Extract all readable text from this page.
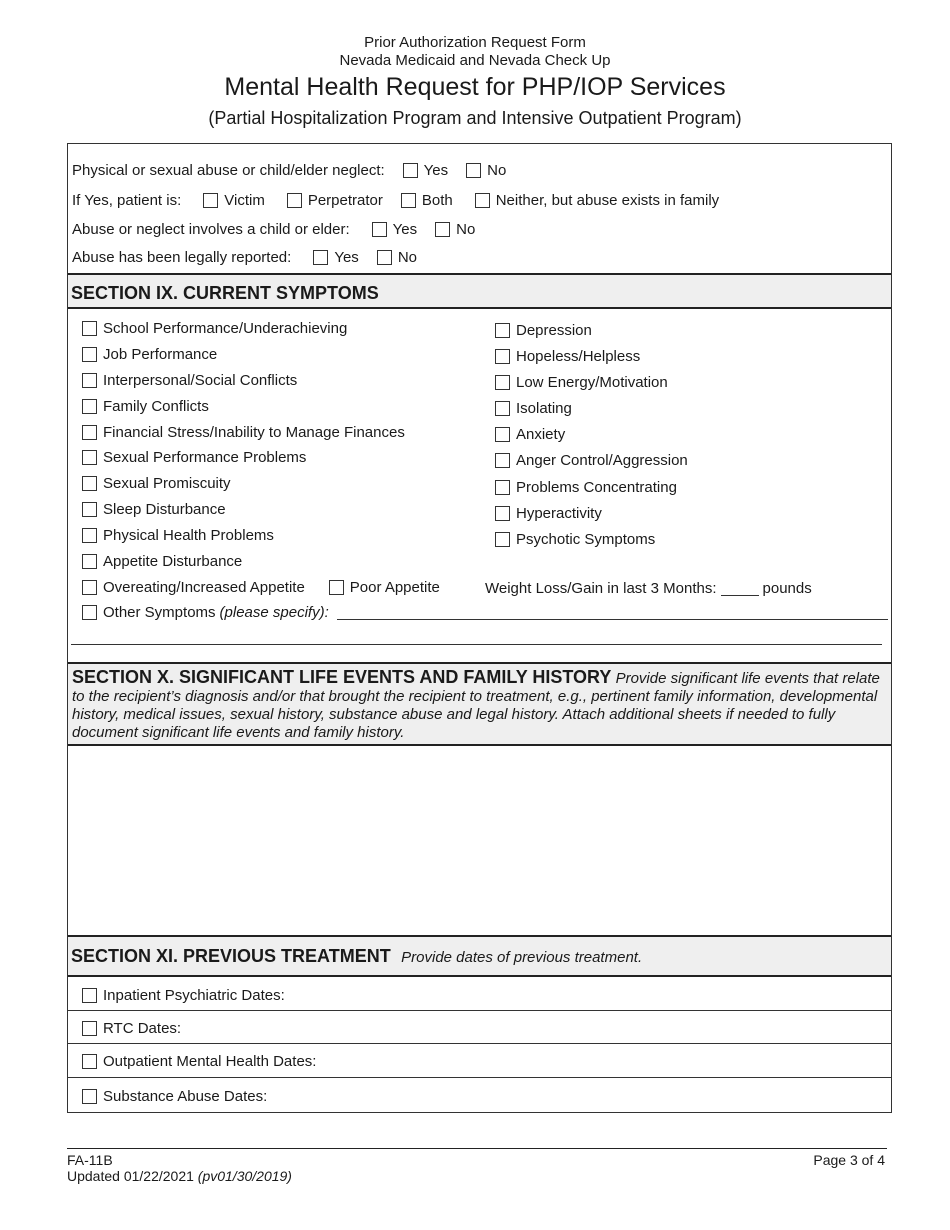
Prior Authorization Request Form
Nevada Medicaid and Nevada Check Up
Mental Health Request for PHP/IOP Services
(Partial Hospitalization Program and Intensive Outpatient Program)
Physical or sexual abuse or child/elder neglect:	Yes	No
If Yes, patient is:	Victim	Perpetrator	Both	Neither, but abuse exists in family
Abuse or neglect involves a child or elder:	Yes	No
Abuse has been legally reported:	Yes	No
SECTION IX. CURRENT SYMPTOMS
School Performance/Underachieving
Job Performance
Interpersonal/Social Conflicts
Family Conflicts
Financial Stress/Inability to Manage Finances
Sexual Performance Problems
Sexual Promiscuity
Sleep Disturbance
Physical Health Problems
Appetite Disturbance
Overeating/Increased Appetite	Poor Appetite
Depression
Hopeless/Helpless
Low Energy/Motivation
Isolating
Anxiety
Anger Control/Aggression
Problems Concentrating
Hyperactivity
Psychotic Symptoms
Weight Loss/Gain in last 3 Months:	pounds
Other Symptoms (please specify):
SECTION X. SIGNIFICANT LIFE EVENTS AND FAMILY HISTORY Provide significant life events that relate to the recipient’s diagnosis and/or that brought the recipient to treatment, e.g., pertinent family information, developmental history, medical issues, sexual history, substance abuse and legal history. Attach additional sheets if needed to fully document significant life events and family history.
SECTION XI. PREVIOUS TREATMENT Provide dates of previous treatment.
Inpatient Psychiatric Dates:
RTC Dates:
Outpatient Mental Health Dates:
Substance Abuse Dates:
FA-11B
Updated 01/22/2021 (pv01/30/2019)
Page 3 of 4
